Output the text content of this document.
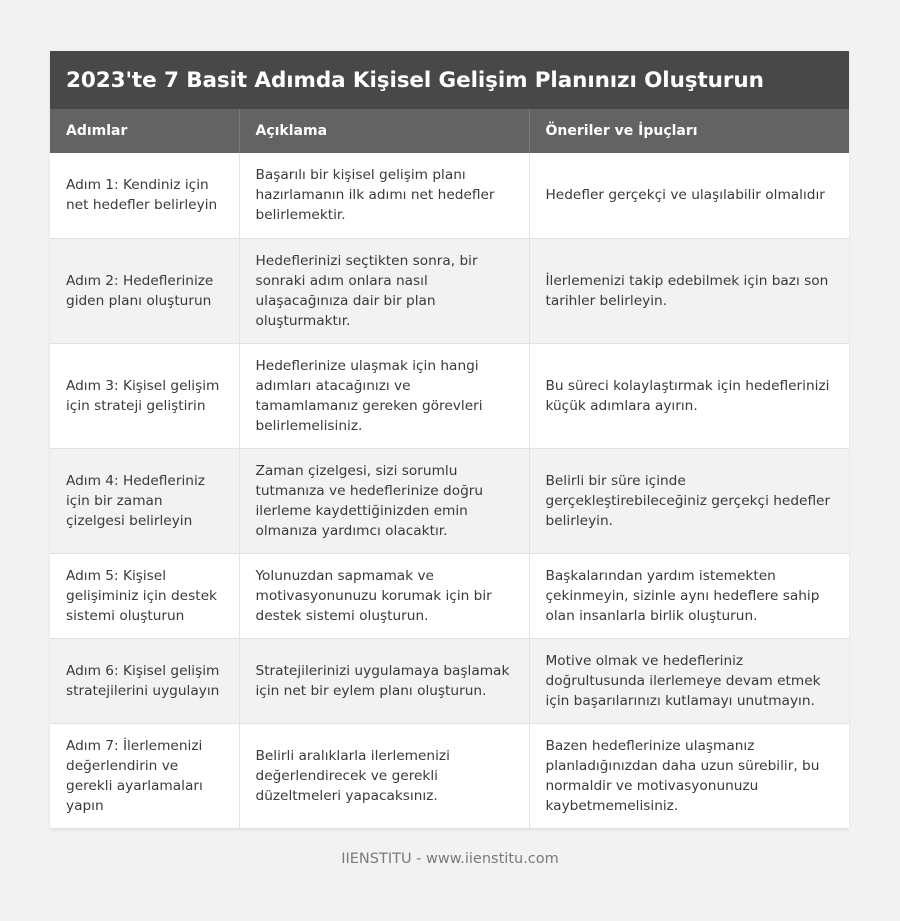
2023'te 7 Basit Adımda Kişisel Gelişim Planınızı Oluşturun
Adımlar	Açıklama	Öneriler ve İpuçları
Adım 1: Kendiniz için net hedefler belirleyin	Başarılı bir kişisel gelişim planı hazırlamanın ilk adımı net hedefler belirlemektir.	Hedefler gerçekçi ve ulaşılabilir olmalıdır
Adım 2: Hedeflerinize giden planı oluşturun	Hedeflerinizi seçtikten sonra, bir sonraki adım onlara nasıl ulaşacağınıza dair bir plan oluşturmaktır.	İlerlemenizi takip edebilmek için bazı son tarihler belirleyin.
Adım 3: Kişisel gelişim için strateji geliştirin	Hedeflerinize ulaşmak için hangi adımları atacağınızı ve tamamlamanız gereken görevleri belirlemelisiniz.	Bu süreci kolaylaştırmak için hedeflerinizi küçük adımlara ayırın.
Adım 4: Hedefleriniz için bir zaman çizelgesi belirleyin	Zaman çizelgesi, sizi sorumlu tutmanıza ve hedeflerinize doğru ilerleme kaydettiğinizden emin olmanıza yardımcı olacaktır.	Belirli bir süre içinde gerçekleştirebileceğiniz gerçekçi hedefler belirleyin.
Adım 5: Kişisel gelişiminiz için destek sistemi oluşturun	Yolunuzdan sapmamak ve motivasyonunuzu korumak için bir destek sistemi oluşturun.	Başkalarından yardım istemekten çekinmeyin, sizinle aynı hedeflere sahip olan insanlarla birlik oluşturun.
Adım 6: Kişisel gelişim stratejilerini uygulayın	Stratejilerinizi uygulamaya başlamak için net bir eylem planı oluşturun.	Motive olmak ve hedefleriniz doğrultusunda ilerlemeye devam etmek için başarılarınızı kutlamayı unutmayın.
Adım 7: İlerlemenizi değerlendirin ve gerekli ayarlamaları yapın	Belirli aralıklarla ilerlemenizi değerlendirecek ve gerekli düzeltmeleri yapacaksınız.	Bazen hedeflerinize ulaşmanız planladığınızdan daha uzun sürebilir, bu normaldir ve motivasyonunuzu kaybetmemelisiniz.
IIENSTITU - www.iienstitu.com
